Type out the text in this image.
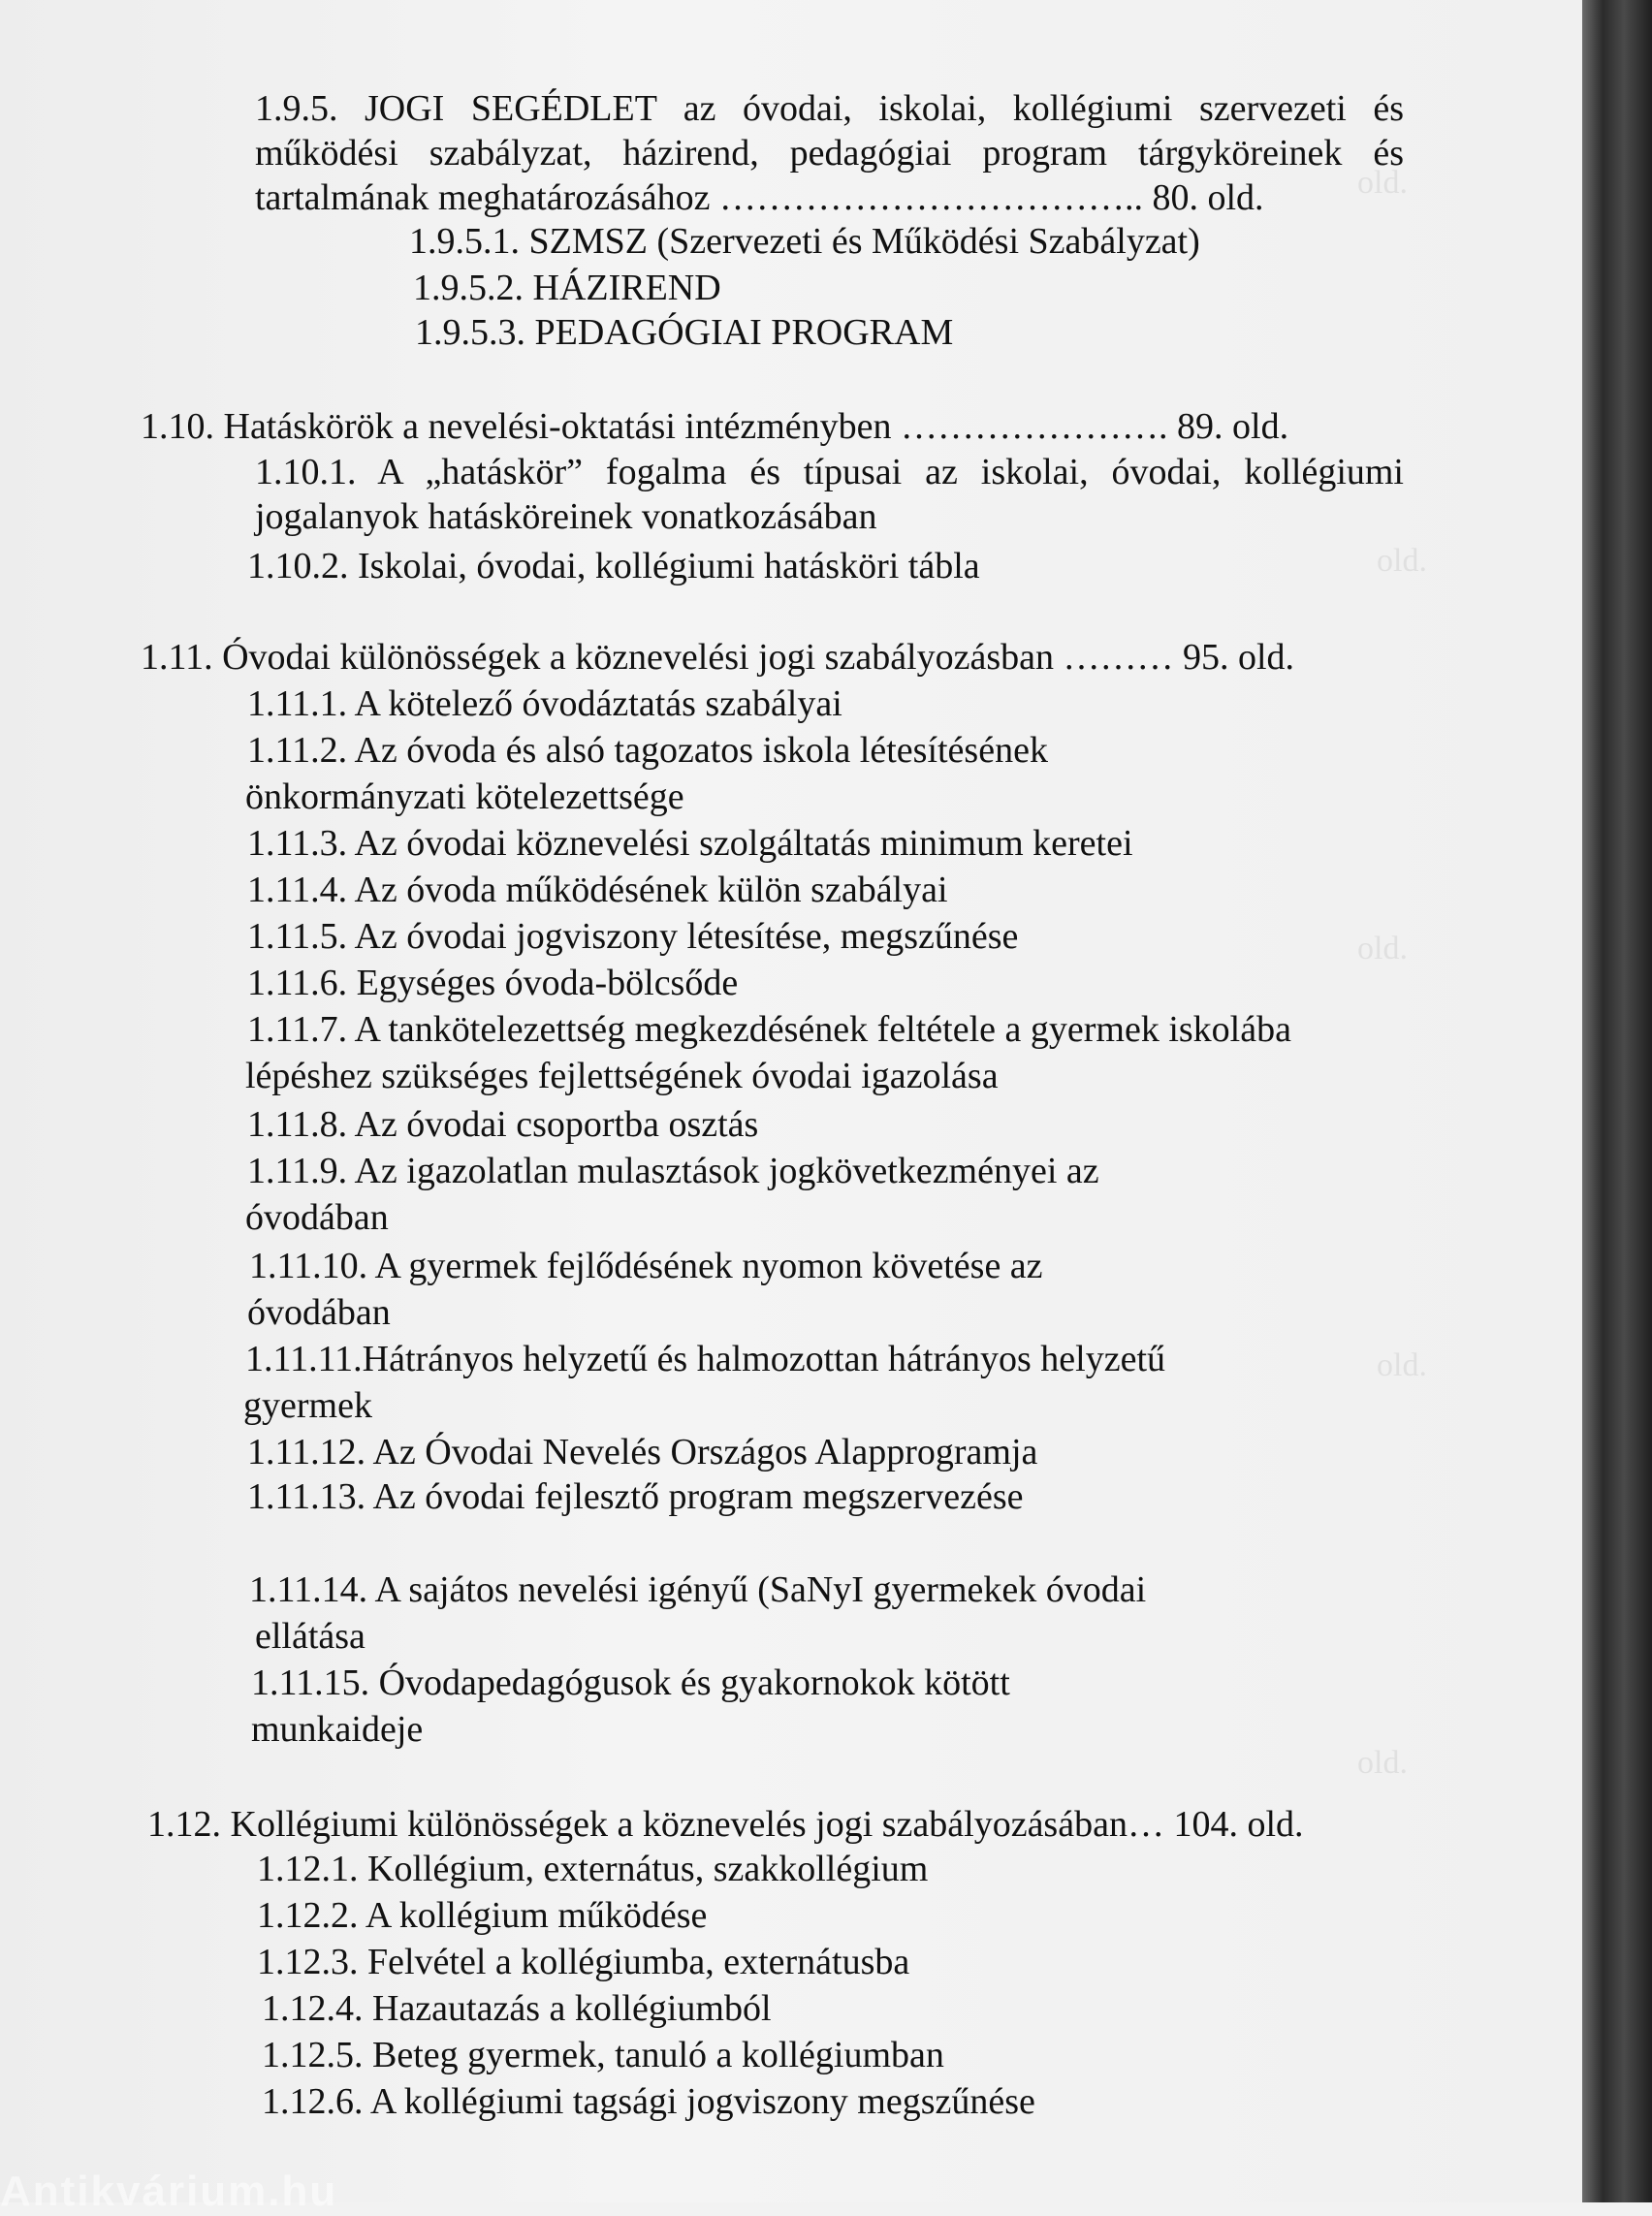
old.
old.
old.
old.
old.
1.9.5. JOGI SEGÉDLET az óvodai, iskolai, kollégiumi szervezeti és
működési szabályzat, házirend, pedagógiai program tárgyköreinek és
tartalmának meghatározásához …………………………….. 80. old.
1.9.5.1. SZMSZ (Szervezeti és Működési Szabályzat)
1.9.5.2. HÁZIREND
1.9.5.3. PEDAGÓGIAI PROGRAM
1.10. Hatáskörök a nevelési-oktatási intézményben …………………. 89. old.
1.10.1. A „hatáskör” fogalma és típusai az iskolai, óvodai, kollégiumi
jogalanyok hatásköreinek vonatkozásában
1.10.2. Iskolai, óvodai, kollégiumi hatásköri tábla
1.11. Óvodai különösségek a köznevelési jogi szabályozásban ……… 95. old.
1.11.1. A kötelező óvodáztatás szabályai
1.11.2. Az óvoda és alsó tagozatos iskola létesítésének
önkormányzati kötelezettsége
1.11.3. Az óvodai köznevelési szolgáltatás minimum keretei
1.11.4. Az óvoda működésének külön szabályai
1.11.5. Az óvodai jogviszony létesítése, megszűnése
1.11.6. Egységes óvoda-bölcsőde
1.11.7. A tankötelezettség megkezdésének feltétele a gyermek iskolába
lépéshez szükséges fejlettségének óvodai igazolása
1.11.8. Az óvodai csoportba osztás
1.11.9. Az igazolatlan mulasztások jogkövetkezményei az
óvodában
1.11.10. A gyermek fejlődésének nyomon követése az
óvodában
1.11.11.Hátrányos helyzetű és halmozottan hátrányos helyzetű
gyermek
1.11.12. Az Óvodai Nevelés Országos Alapprogramja
1.11.13. Az óvodai fejlesztő program megszervezése
1.11.14. A sajátos nevelési igényű (SaNyI gyermekek óvodai
ellátása
1.11.15. Óvodapedagógusok és gyakornokok kötött
munkaideje
1.12. Kollégiumi különösségek a köznevelés jogi szabályozásában… 104. old.
1.12.1. Kollégium, externátus, szakkollégium
1.12.2. A kollégium működése
1.12.3. Felvétel a kollégiumba, externátusba
1.12.4. Hazautazás a kollégiumból
1.12.5. Beteg gyermek, tanuló a kollégiumban
1.12.6. A kollégiumi tagsági jogviszony megszűnése
Antikvárium.hu
